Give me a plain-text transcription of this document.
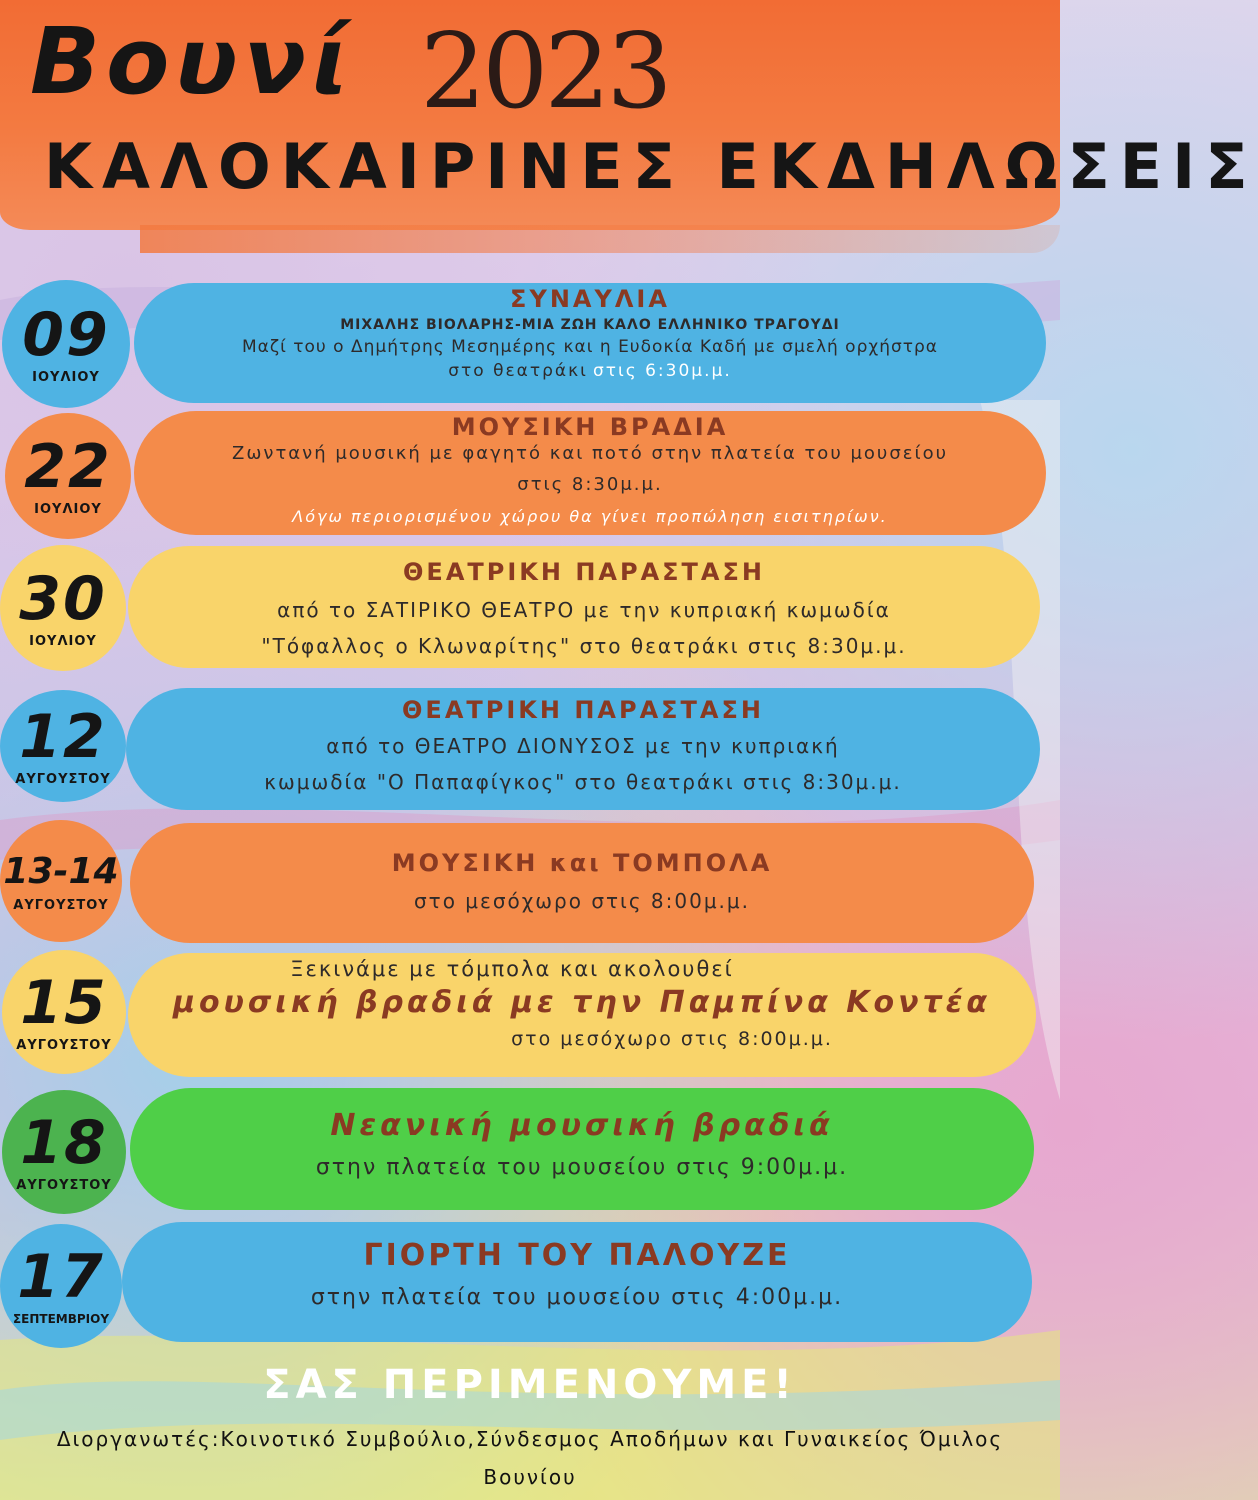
Βουνί 2023
ΚΑΛΟΚΑΙΡΙΝΕΣ ΕΚΔΗΛΩΣΕΙΣ
09
ΙΟΥΛΙΟΥ
ΣΥΝΑΥΛΙΑ
ΜΙΧΑΛΗΣ ΒΙΟΛΑΡΗΣ-ΜΙΑ ΖΩΗ ΚΑΛΟ ΕΛΛΗΝΙΚΟ ΤΡΑΓΟΥΔΙ
Μαζί του ο Δημήτρης Μεσημέρης και η Ευδοκία Καδή με σμελή ορχήστρα
στο θεατράκι στις 6:30μ.μ.
22
ΙΟΥΛΙΟΥ
ΜΟΥΣΙΚΗ ΒΡΑΔΙΑ
Ζωντανή μουσική με φαγητό και ποτό στην πλατεία του μουσείου
στις 8:30μ.μ.
Λόγω περιορισμένου χώρου θα γίνει προπώληση εισιτηρίων.
30
ΙΟΥΛΙΟΥ
ΘΕΑΤΡΙΚΗ ΠΑΡΑΣΤΑΣΗ
από το ΣΑΤΙΡΙΚΟ ΘΕΑΤΡΟ με την κυπριακή κωμωδία
"Τόφαλλος ο Κλωναρίτης" στο θεατράκι στις 8:30μ.μ.
12
ΑΥΓΟΥΣΤΟΥ
ΘΕΑΤΡΙΚΗ ΠΑΡΑΣΤΑΣΗ
από το ΘΕΑΤΡΟ ΔΙΟΝΥΣΟΣ με την κυπριακή
κωμωδία "Ο Παπαφίγκος" στο θεατράκι στις 8:30μ.μ.
13-14
ΑΥΓΟΥΣΤΟΥ
ΜΟΥΣΙΚΗ και ΤΟΜΠΟΛΑ
στο μεσόχωρο στις 8:00μ.μ.
15
ΑΥΓΟΥΣΤΟΥ
Ξεκινάμε με τόμπολα και ακολουθεί
μουσική βραδιά με την Παμπίνα Κοντέα
στο μεσόχωρο στις 8:00μ.μ.
18
ΑΥΓΟΥΣΤΟΥ
Νεανική μουσική βραδιά
στην πλατεία του μουσείου στις 9:00μ.μ.
17
ΣΕΠΤΕΜΒΡΙΟΥ
ΓΙΟΡΤΗ ΤΟΥ ΠΑΛΟΥΖΕ
στην πλατεία του μουσείου στις 4:00μ.μ.
ΣΑΣ ΠΕΡΙΜΕΝΟΥΜΕ!
Διοργανωτές:Κοινοτικό Συμβούλιο,Σύνδεσμος Αποδήμων και Γυναικείος Όμιλος
Βουνίου
